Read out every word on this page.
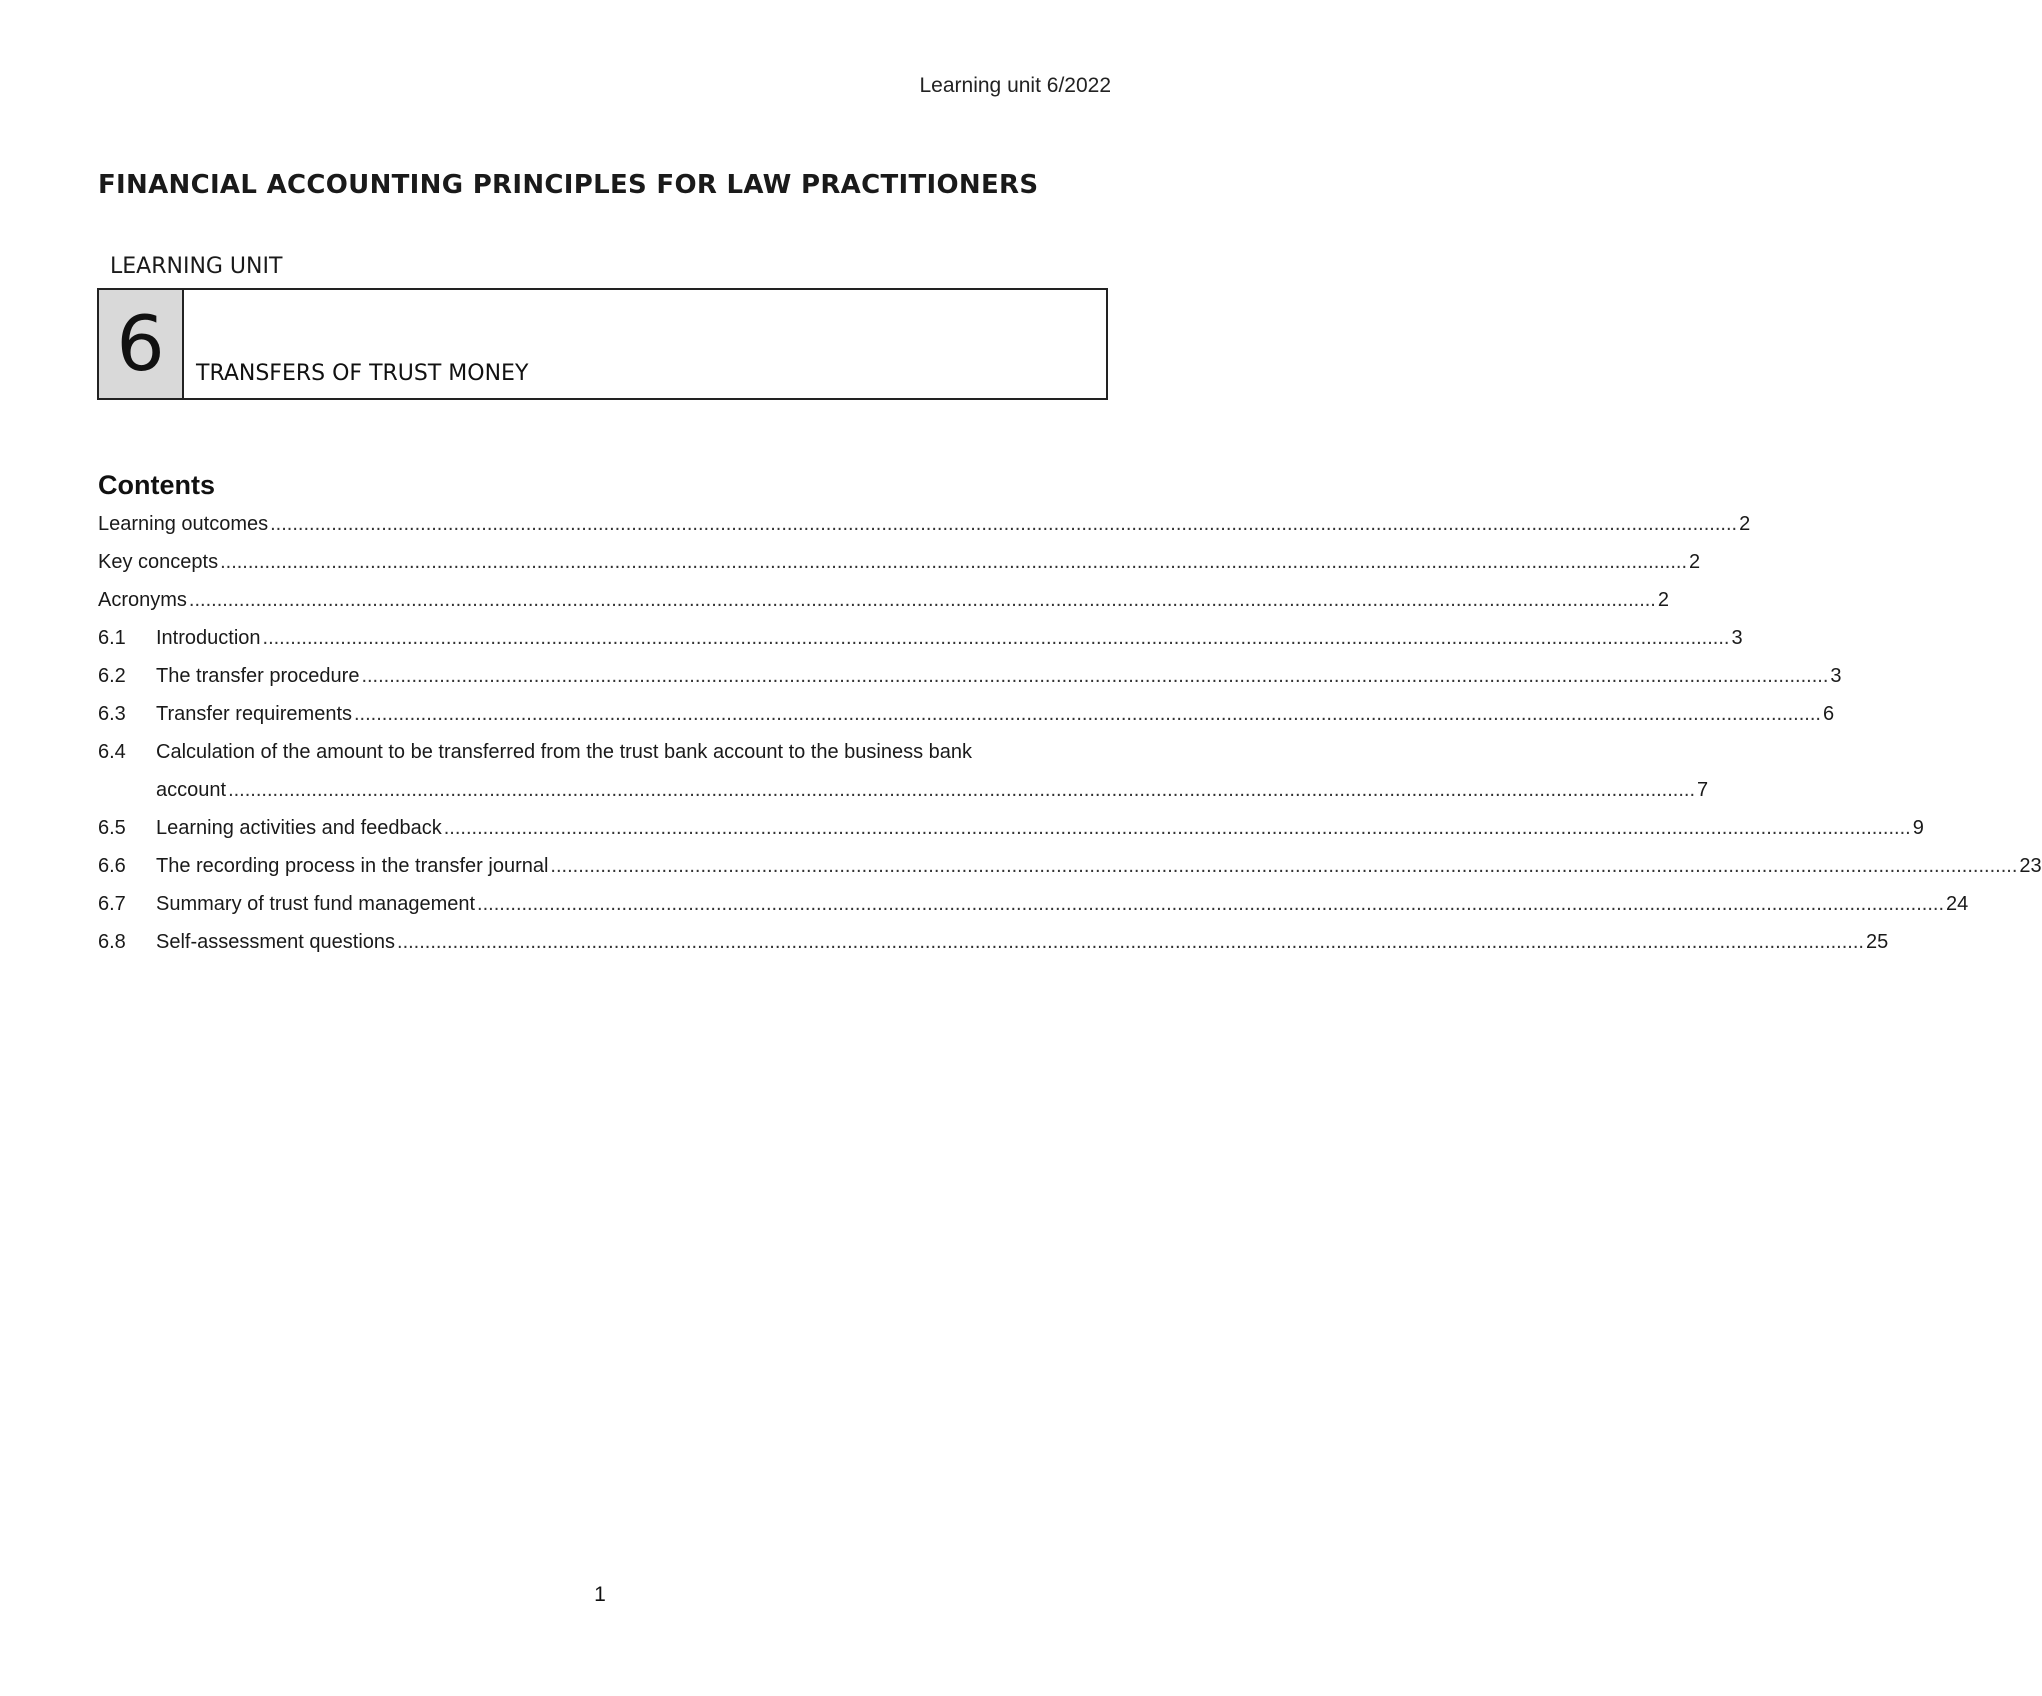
Learning unit 6/2022
FINANCIAL ACCOUNTING PRINCIPLES FOR LAW PRACTITIONERS
LEARNING UNIT
6	TRANSFERS OF TRUST MONEY
Contents
Learning outcomes .....	2
Key concepts .....	2
Acronyms .....	2
6.1	Introduction .....	3
6.2	The transfer procedure .....	3
6.3	Transfer requirements .....	6
6.4	Calculation of the amount to be transferred from the trust bank account to the business bank
account .....	7
6.5	Learning activities and feedback .....	9
6.6	The recording process in the transfer journal .....	23
6.7	Summary of trust fund management .....	24
6.8	Self-assessment questions .....	25
1
